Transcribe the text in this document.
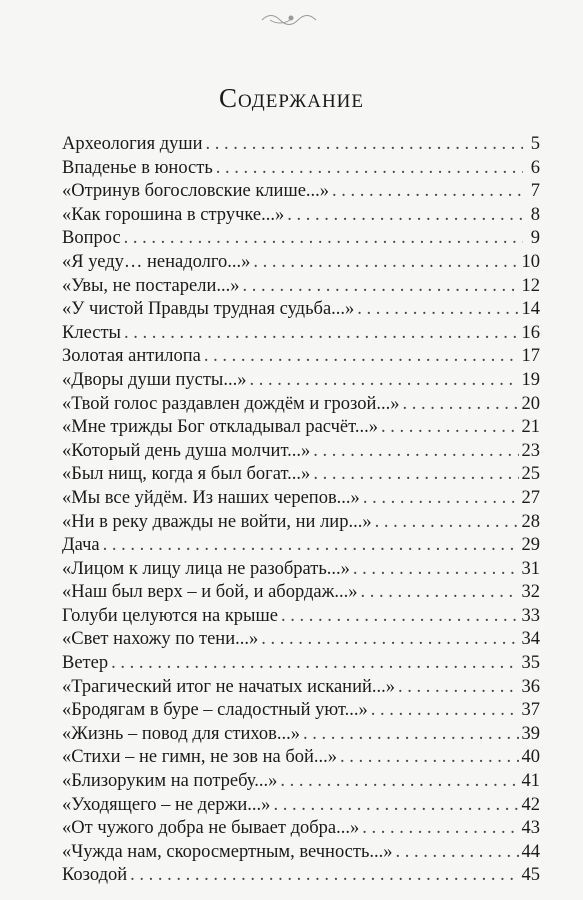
Содержание
Археология души . . .	5
Впаденье в юность . . .	6
«Отринув богословские клише...» . . .	7
«Как горошина в стручке...» . . .	8
Вопрос . . .	9
«Я уеду… ненадолго...» . . .	10
«Увы, не постарели...» . . .	12
«У чистой Правды трудная судьба...» . . .	14
Клесты . . .	16
Золотая антилопа . . .	17
«Дворы души пусты...» . . .	19
«Твой голос раздавлен дождём и грозой...» . . .	20
«Мне трижды Бог откладывал расчёт...» . . .	21
«Который день душа молчит...» . . .	23
«Был нищ, когда я был богат...» . . .	25
«Мы все уйдём. Из наших черепов...» . . .	27
«Ни в реку дважды не войти, ни лир...» . . .	28
Дача . . .	29
«Лицом к лицу лица не разобрать...» . . .	31
«Наш был верх – и бой, и абордаж...» . . .	32
Голуби целуются на крыше . . .	33
«Свет нахожу по тени...» . . .	34
Ветер . . .	35
«Трагический итог не начатых исканий...» . . .	36
«Бродягам в буре – сладостный уют...» . . .	37
«Жизнь – повод для стихов...» . . .	39
«Стихи – не гимн, не зов на бой...» . . .	40
«Близоруким на потребу...» . . .	41
«Уходящего – не держи...» . . .	42
«От чужого добра не бывает добра...» . . .	43
«Чужда нам, скоросмертным, вечность...» . . .	44
Козодой . . .	45
